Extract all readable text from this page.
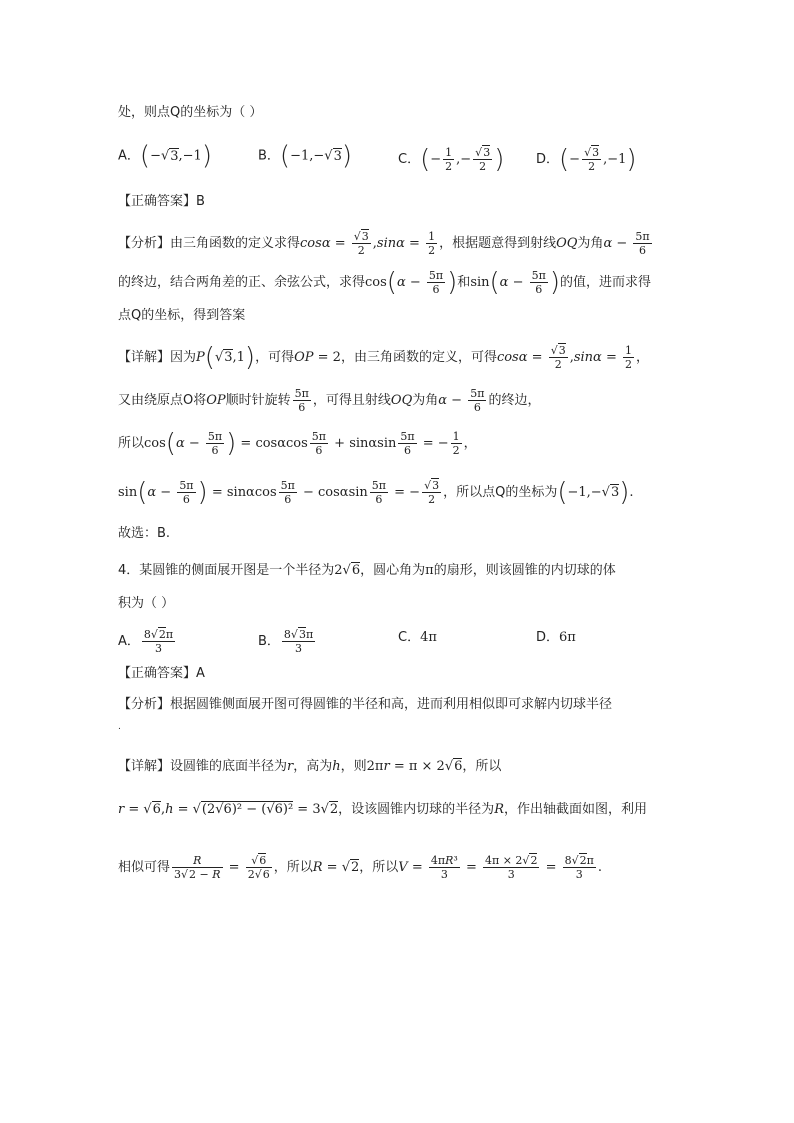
处，则点Q的坐标为（ ）
A．(−√3,−1)	B．(−1,−√3)	C．(− $\frac{1}{2}$ ,− $\frac{√3}{2}$ ) D．(− $\frac{√3}{2} ,-1$)
【正确答案】B
【分析】由三角函数的定义求得$\cos\alpha = \frac{√3}{2} ,\sin\alpha = \frac{1}{2}$ ，根据题意得到射线OQ为角$\alpha - \frac{5\pi}{6}$
的终边，结合两角差的正、余弦公式，求得$\cos(\alpha - \frac{5\pi}{6}$ )和$\sin(\alpha - \frac{5\pi}{6}$ )的值，进而求得
点Q的坐标，得到答案
【详解】因为P(√3,1)，可得OP = 2，由三角函数的定义，可得$\cos\alpha = \frac{√3}{2} ,\sin\alpha = \frac{1}{2}$ ，
又由绕原点O将OP顺时针旋转 $\frac{5\pi}{6}$ ，可得且射线OQ为角$\alpha - \frac{5\pi}{6}$ 的终边，
所以$\cos(\alpha - \frac{5\pi}{6}$ ) = cosαcos $\frac{5\pi}{6} + \sin\alpha\sin \frac{5\pi}{6}$ = − $\frac{1}{2}$ ，
$\sin(\alpha - \frac{5\pi}{6}$ ) = sinαcos $\frac{5\pi}{6} - \cos\alpha\sin \frac{5\pi}{6}$ = − $\frac{√3}{2}$ ，所以点Q的坐标为(−1,−√3).
故选：B.
4．某圆锥的侧面展开图是一个半径为2√6，圆心角为π的扇形，则该圆锥的内切球的体
积为（ ）
A． $\frac{8√2\pi}{3}$	B． $\frac{8√3\pi}{3}$	C．4π	D．6π
【正确答案】A
【分析】根据圆锥侧面展开图可得圆锥的半径和高，进而利用相似即可求解内切球半径
.
【详解】设圆锥的底面半径为r，高为h，则2πr = π × 2√6，所以
r = √6,h = √(2√6)² − (√6)² = 3√2，设该圆锥内切球的半径为R，作出轴截面如图，利用
相似可得 $\frac{R}{3√2 - R} = \frac{√6}{2√6}$ ，所以R = √2，所以$V = \frac{\text{4πR³}}{3} = \frac{4\pi \times 2√2}{3} = \frac{8√2\pi}{3}$ .
